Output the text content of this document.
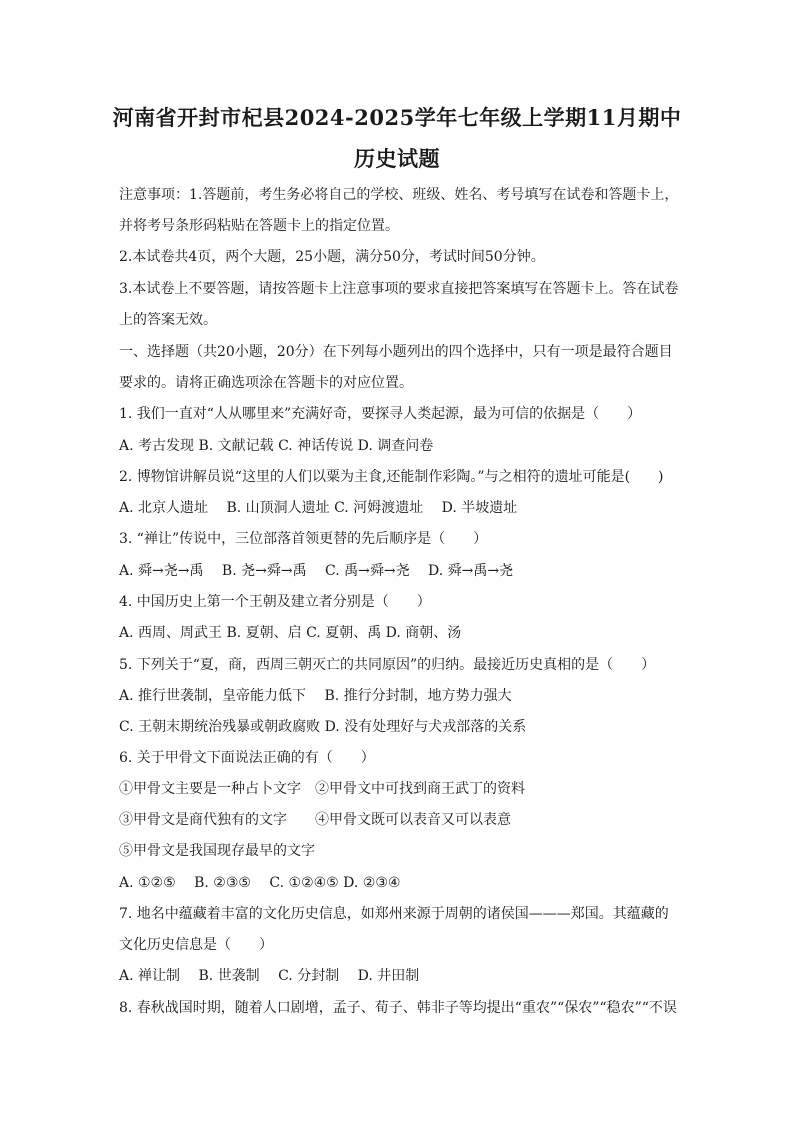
河南省开封市杞县2024-2025学年七年级上学期11月期中
历史试题
注意事项：1.答题前，考生务必将自己的学校、班级、姓名、考号填写在试卷和答题卡上，
并将考号条形码粘贴在答题卡上的指定位置。
2.本试卷共4页，两个大题，25小题，满分50分，考试时间50分钟。
3.本试卷上不要答题，请按答题卡上注意事项的要求直接把答案填写在答题卡上。答在试卷
上的答案无效。
一、选择题（共20小题，20分）在下列每小题列出的四个选择中，只有一项是最符合题目
要求的。请将正确选项涂在答题卡的对应位置。
1. 我们一直对“人从哪里来”充满好奇，要探寻人类起源，最为可信的依据是（　　）
A. 考古发现 B. 文献记载 C. 神话传说 D. 调查问卷
2. 博物馆讲解员说“这里的人们以粟为主食,还能制作彩陶。”与之相符的遗址可能是(　　)
A. 北京人遗址　 B. 山顶洞人遗址 C. 河姆渡遗址　 D. 半坡遗址
3. “禅让”传说中，三位部落首领更替的先后顺序是（　　）
A. 舜→尧→禹　 B. 尧→舜→禹　 C. 禹→舜→尧　 D. 舜→禹→尧
4. 中国历史上第一个王朝及建立者分别是（　　）
A. 西周、周武王 B. 夏朝、启 C. 夏朝、禹 D. 商朝、汤
5. 下列关于“夏，商，西周三朝灭亡的共同原因”的归纳。最接近历史真相的是（　　）
A. 推行世袭制，皇帝能力低下　 B. 推行分封制，地方势力强大
C. 王朝末期统治残暴或朝政腐败 D. 没有处理好与犬戎部落的关系
6. 关于甲骨文下面说法正确的有（　　）
①甲骨文主要是一种占卜文字　②甲骨文中可找到商王武丁的资料
③甲骨文是商代独有的文字　　④甲骨文既可以表音又可以表意
⑤甲骨文是我国现存最早的文字
A. ①②⑤　 B. ②③⑤　 C. ①②④⑤ D. ②③④
7. 地名中蕴藏着丰富的文化历史信息，如郑州来源于周朝的诸侯国———郑国。其蕴藏的
文化历史信息是（　　）
A. 禅让制　 B. 世袭制　 C. 分封制　 D. 井田制
8. 春秋战国时期，随着人口剧增，孟子、荀子、韩非子等均提出“重农”“保农”“稳农”“不误
